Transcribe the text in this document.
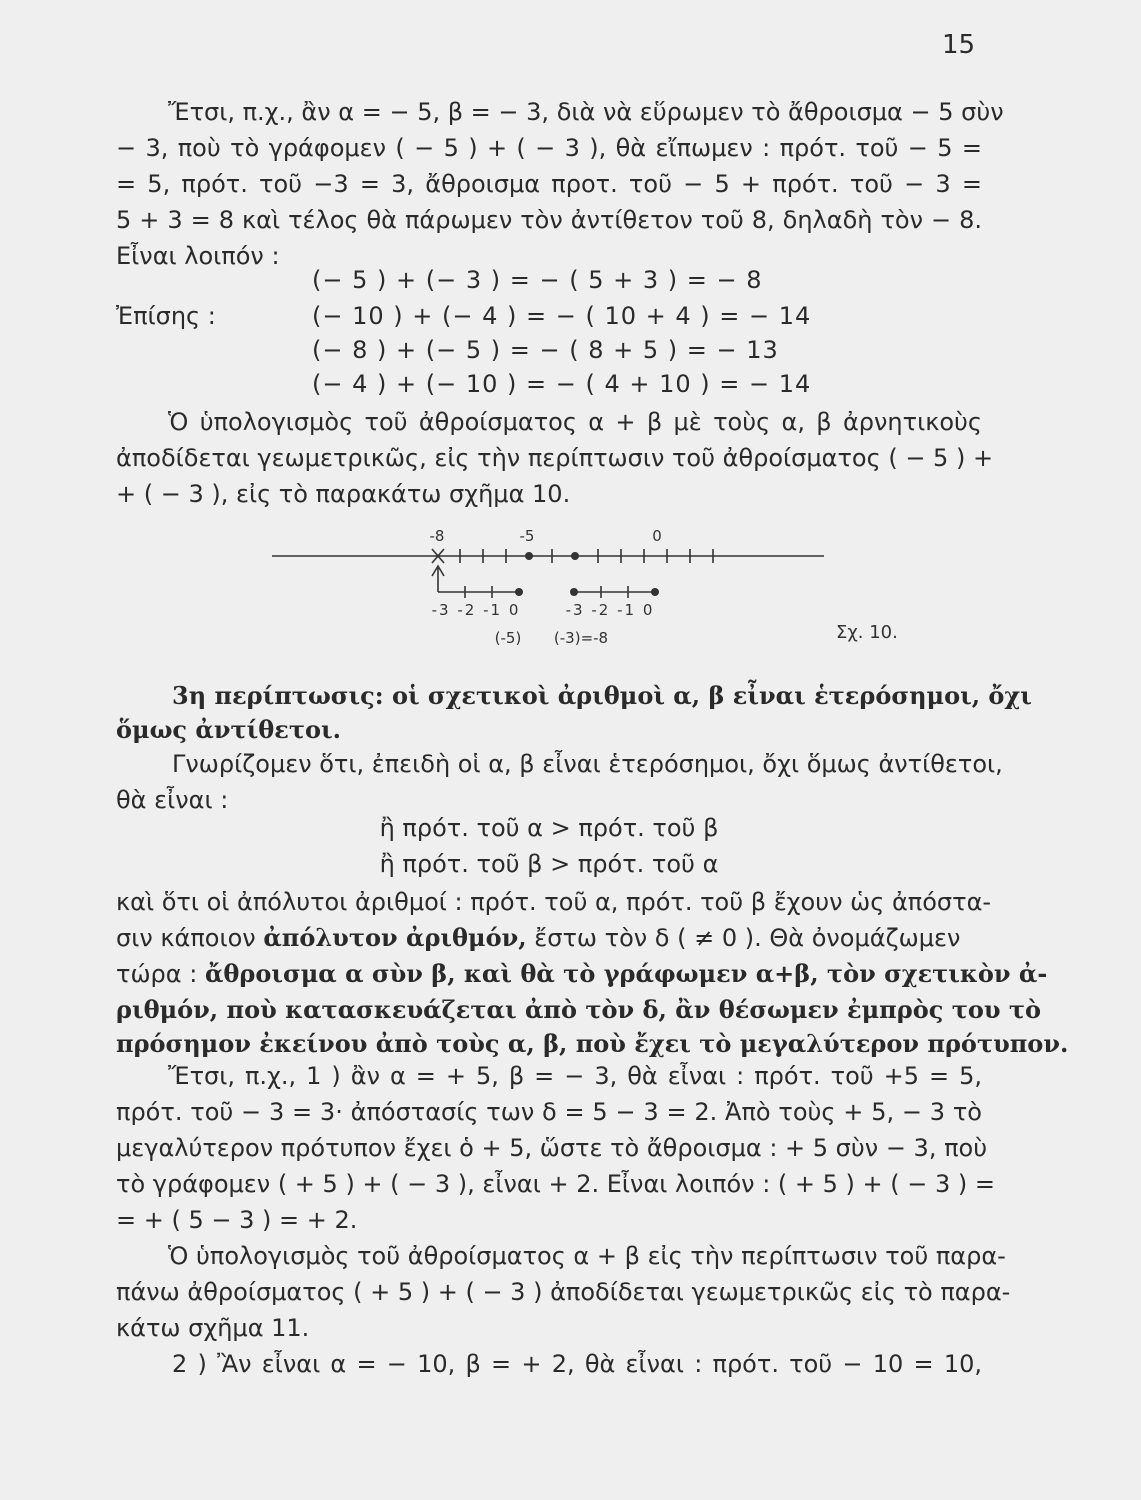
15
Ἔτσι, π.χ., ἂν α = − 5, β = − 3, διὰ νὰ εὕρωμεν τὸ ἄθροισμα − 5 σὺν
− 3, ποὺ τὸ γράφομεν ( − 5 ) + ( − 3 ), θὰ εἴπωμεν : πρότ. τοῦ − 5 =
= 5, πρότ. τοῦ −3 = 3, ἄθροισμα προτ. τοῦ − 5 + πρότ. τοῦ − 3 =
5 + 3 = 8 καὶ τέλος θὰ πάρωμεν τὸν ἀντίθετον τοῦ 8, δηλαδὴ τὸν − 8.
Εἶναι λοιπόν :
(− 5 ) + (− 3 ) = − ( 5 + 3 ) = − 8
Ἐπίσης :	(− 10 ) + (− 4 ) = − ( 10 + 4 ) = − 14
(− 8 ) + (− 5 ) = − ( 8 + 5 ) = − 13
(− 4 ) + (− 10 ) = − ( 4 + 10 ) = − 14
Ὁ ὑπολογισμὸς τοῦ ἀθροίσματος α + β μὲ τοὺς α, β ἀρνητικοὺς
ἀποδίδεται γεωμετρικῶς, εἰς τὴν περίπτωσιν τοῦ ἀθροίσματος ( − 5 ) +
+ ( − 3 ), εἰς τὸ παρακάτω σχῆμα 10.
-8	-5	0
-3 -2 -1 0	-3 -2 -1 0
(-5) (-3)=-8	Σχ. 10.
3η περίπτωσις: οἱ σχετικοὶ ἀριθμοὶ α, β εἶναι ἑτερόσημοι, ὄχι
ὅμως ἀντίθετοι.
Γνωρίζομεν ὅτι, ἐπειδὴ οἱ α, β εἶναι ἑτερόσημοι, ὄχι ὅμως ἀντίθετοι,
θὰ εἶναι :
ἢ πρότ. τοῦ α > πρότ. τοῦ β
ἢ πρότ. τοῦ β > πρότ. τοῦ α
καὶ ὅτι οἱ ἀπόλυτοι ἀριθμοί : πρότ. τοῦ α, πρότ. τοῦ β ἔχουν ὡς ἀπόστα-
σιν κάποιον ἀπόλυτον ἀριθμόν, ἔστω τὸν δ ( ≠ 0 ). Θὰ ὀνομάζωμεν
τώρα : ἄθροισμα α σὺν β, καὶ θὰ τὸ γράφωμεν α+β, τὸν σχετικὸν ἀ-
ριθμόν, ποὺ κατασκευάζεται ἀπὸ τὸν δ, ἂν θέσωμεν ἐμπρὸς του τὸ
πρόσημον ἐκείνου ἀπὸ τοὺς α, β, ποὺ ἔχει τὸ μεγαλύτερον πρότυπον.
Ἔτσι, π.χ., 1 ) ἂν α = + 5, β = − 3, θὰ εἶναι : πρότ. τοῦ +5 = 5,
πρότ. τοῦ − 3 = 3· ἀπόστασίς των δ = 5 − 3 = 2. Ἀπὸ τοὺς + 5, − 3 τὸ
μεγαλύτερον πρότυπον ἔχει ὁ + 5, ὥστε τὸ ἄθροισμα : + 5 σὺν − 3, ποὺ
τὸ γράφομεν ( + 5 ) + ( − 3 ), εἶναι + 2. Εἶναι λοιπόν : ( + 5 ) + ( − 3 ) =
= + ( 5 − 3 ) = + 2.
Ὁ ὑπολογισμὸς τοῦ ἀθροίσματος α + β εἰς τὴν περίπτωσιν τοῦ παρα-
πάνω ἀθροίσματος ( + 5 ) + ( − 3 ) ἀποδίδεται γεωμετρικῶς εἰς τὸ παρα-
κάτω σχῆμα 11.
2 ) Ἂν εἶναι α = − 10, β = + 2, θὰ εἶναι : πρότ. τοῦ − 10 = 10,
